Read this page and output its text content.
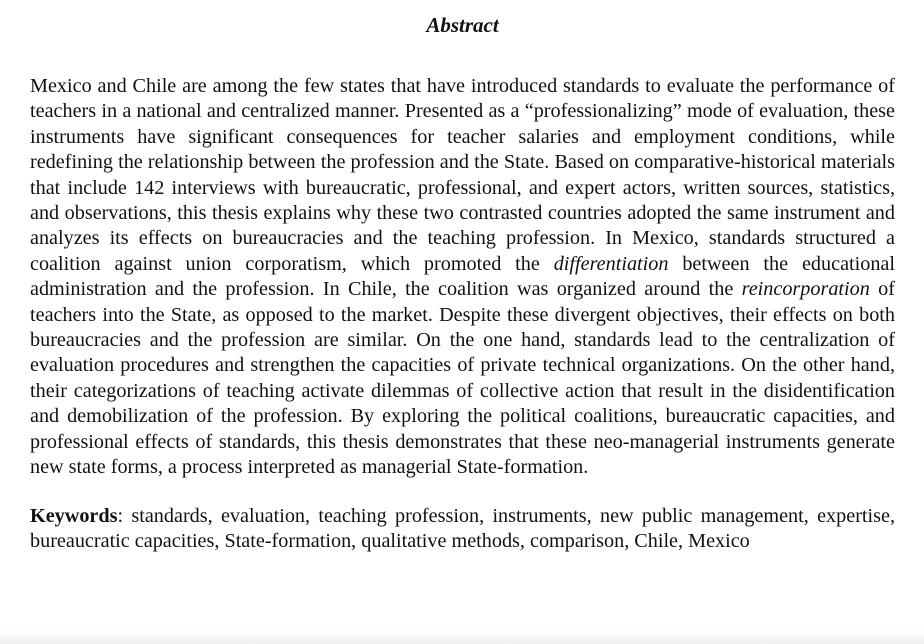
Abstract

Mexico and Chile are among the few states that have introduced standards to evaluate the performance of teachers in a national and centralized manner. Presented as a “professionalizing” mode of evaluation, these instruments have significant consequences for teacher salaries and employment conditions, while redefining the relationship between the profession and the State. Based on comparative-historical materials that include 142 interviews with bureaucratic, professional, and expert actors, written sources, statistics, and observations, this thesis explains why these two contrasted countries adopted the same instrument and analyzes its effects on bureaucracies and the teaching profession. In Mexico, standards structured a coalition against union corporatism, which promoted the differentiation between the educational administration and the profession. In Chile, the coalition was organized around the reincorporation of teachers into the State, as opposed to the market. Despite these divergent objectives, their effects on both bureaucracies and the profession are similar. On the one hand, standards lead to the centralization of evaluation procedures and strengthen the capacities of private technical organizations. On the other hand, their categorizations of teaching activate dilemmas of collective action that result in the disidentification and demobilization of the profession. By exploring the political coalitions, bureaucratic capacities, and professional effects of standards, this thesis demonstrates that these neo-managerial instruments generate new state forms, a process interpreted as managerial State-formation.

Keywords: standards, evaluation, teaching profession, instruments, new public management, expertise, bureaucratic capacities, State-formation, qualitative methods, comparison, Chile, Mexico
